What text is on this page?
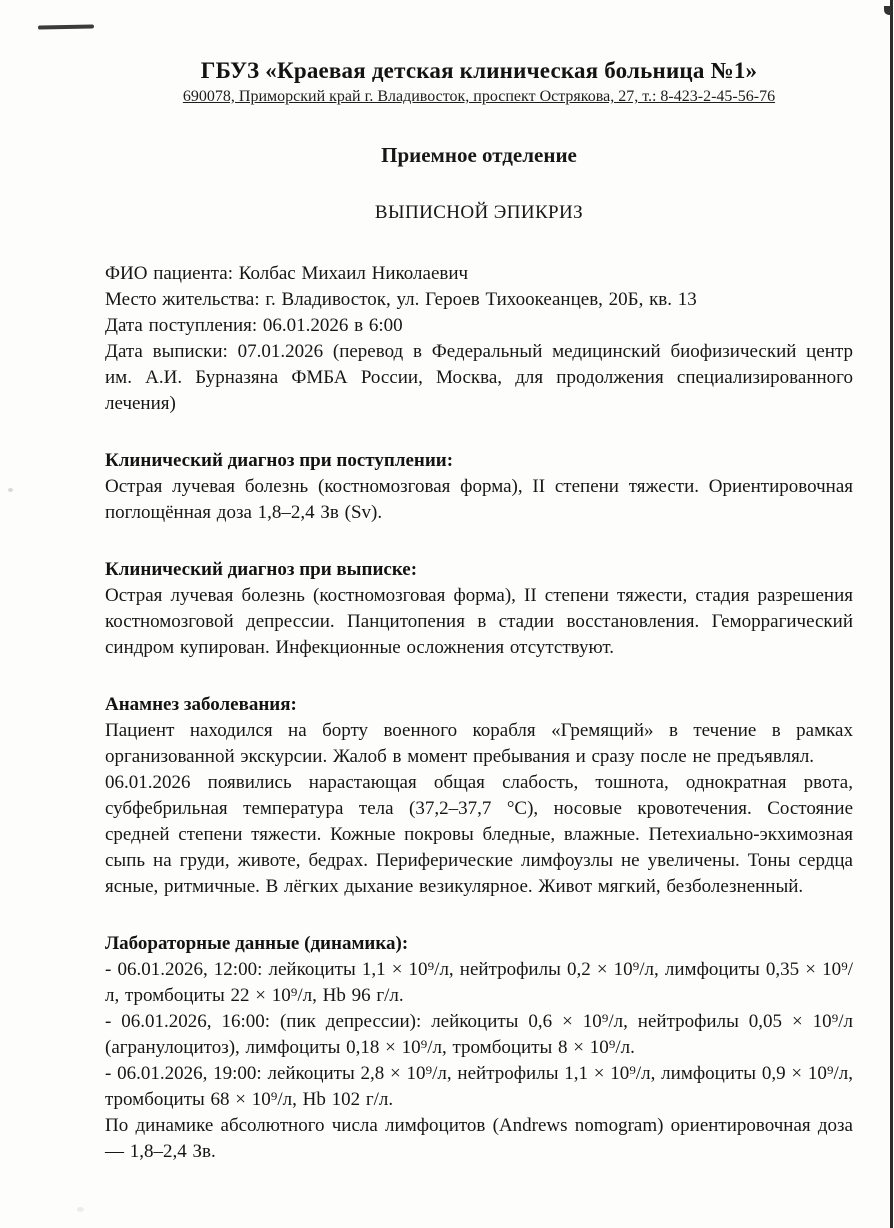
ГБУЗ «Краевая детская клиническая больница №1»
690078, Приморский край г. Владивосток, проспект Острякова, 27, т.: 8-423-2-45-56-76
Приемное отделение
ВЫПИСНОЙ ЭПИКРИЗ

ФИО пациента: Колбас Михаил Николаевич

Место жительства: г. Владивосток, ул. Героев Тихоокеанцев, 20Б, кв. 13

Дата поступления: 06.01.2026 в 6:00

Дата выписки: 07.01.2026 (перевод в Федеральный медицинский биофизический центр им. А.И. Бурназяна ФМБА России, Москва, для продолжения специализированного лечения)

Клинический диагноз при поступлении:

Острая лучевая болезнь (костномозговая форма), II степени тяжести. Ориентировочная поглощённая доза 1,8–2,4 Зв (Sv).

Клинический диагноз при выписке:

Острая лучевая болезнь (костномозговая форма), II степени тяжести, стадия разрешения костномозговой депрессии. Панцитопения в стадии восстановления. Геморрагический синдром купирован. Инфекционные осложнения отсутствуют.

Анамнез заболевания:

Пациент находился на борту военного корабля «Гремящий» в течение в рамках организованной экскурсии. Жалоб в момент пребывания и сразу после не предъявлял.

06.01.2026 появились нарастающая общая слабость, тошнота, однократная рвота, субфебрильная температура тела (37,2–37,7 °C), носовые кровотечения. Состояние средней степени тяжести. Кожные покровы бледные, влажные. Петехиально-экхимозная сыпь на груди, животе, бедрах. Периферические лимфоузлы не увеличены. Тоны сердца ясные, ритмичные. В лёгких дыхание везикулярное. Живот мягкий, безболезненный.

Лабораторные данные (динамика):

- 06.01.2026, 12:00: лейкоциты 1,1 × 10⁹/л, нейтрофилы 0,2 × 10⁹/л, лимфоциты 0,35 × 10⁹/л, тромбоциты 22 × 10⁹/л, Hb 96 г/л.

- 06.01.2026, 16:00: (пик депрессии): лейкоциты 0,6 × 10⁹/л, нейтрофилы 0,05 × 10⁹/л (агранулоцитоз), лимфоциты 0,18 × 10⁹/л, тромбоциты 8 × 10⁹/л.

- 06.01.2026, 19:00: лейкоциты 2,8 × 10⁹/л, нейтрофилы 1,1 × 10⁹/л, лимфоциты 0,9 × 10⁹/л, тромбоциты 68 × 10⁹/л, Hb 102 г/л.

По динамике абсолютного числа лимфоцитов (Andrews nomogram) ориентировочная доза — 1,8–2,4 Зв.
